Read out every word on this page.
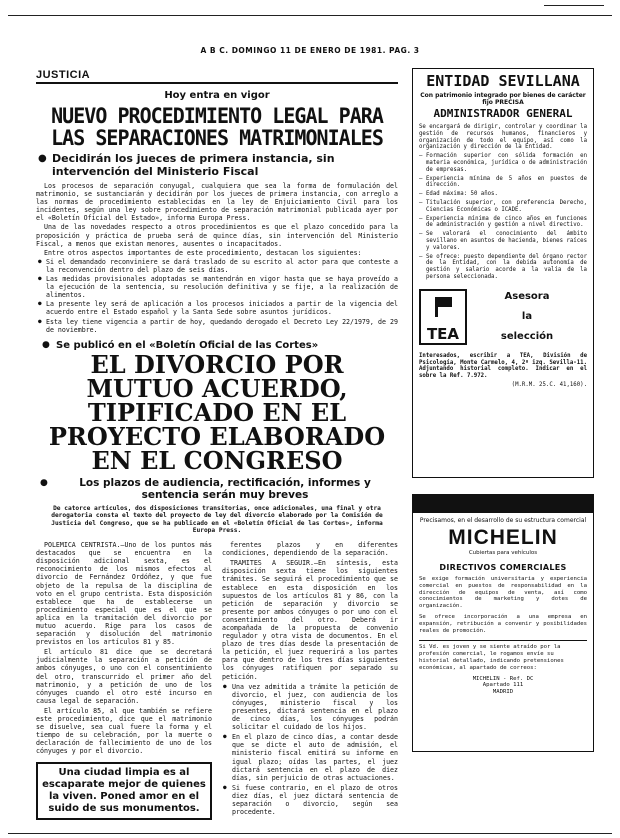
A B C. DOMINGO 11 DE ENERO DE 1981. PAG. 3
JUSTICIA
Hoy entra en vigor
NUEVO PROCEDIMIENTO LEGAL PARA LAS SEPARACIONES MATRIMONIALES
● Decidirán los jueces de primera instancia, sin intervención del Ministerio Fiscal

Los procesos de separación conyugal, cualquiera que sea la forma de formulación del matrimonio, se sustanciarán y decidirán por los jueces de primera instancia, con arreglo a las normas de procedimiento establecidas en la ley de Enjuiciamiento Civil para los incidentes, según una ley sobre procedimiento de separación matrimonial publicada ayer por el «Boletín Oficial del Estado», informa Europa Press.

Una de las novedades respecto a otros procedimientos es que el plazo concedido para la proposición y práctica de prueba será de quince días, sin intervención del Ministerio Fiscal, a menos que existan menores, ausentes o incapacitados.

Entre otros aspectos importantes de este procedimiento, destacan los siguientes:

● Si el demandado reconviniere se dará traslado de su escrito al actor para que conteste a la reconvención dentro del plazo de seis días.

● Las medidas provisionales adoptadas se mantendrán en vigor hasta que se haya proveído a la ejecución de la sentencia, su resolución definitiva y se fije, a la realización de alimentos.

● La presente ley será de aplicación a los procesos iniciados a partir de la vigencia del acuerdo entre el Estado español y la Santa Sede sobre asuntos jurídicos.

● Esta ley tiene vigencia a partir de hoy, quedando derogado el Decreto Ley 22/1979, de 29 de noviembre.

● Se publicó en el «Boletín Oficial de las Cortes»
EL DIVORCIO POR MUTUO ACUERDO, TIPIFICADO EN EL PROYECTO ELABORADO EN EL CONGRESO
● Los plazos de audiencia, rectificación, informes y sentencia serán muy breves
De catorce artículos, dos disposiciones transitorias, once adicionales, una final y otra derogatoria consta el texto del proyecto de ley del divorcio elaborado por la Comisión de Justicia del Congreso, que se ha publicado en el «Boletín Oficial de las Cortes», informa Europa Press.

POLEMICA CENTRISTA.—Uno de los puntos más destacados que se encuentra en la disposición adicional sexta, es el reconocimiento de los mismos efectos al divorcio de Fernández Ordóñez, y que fue objeto de la repulsa de la disciplina de voto en el grupo centrista. Esta disposición establece que ha de establecerse un procedimiento especial que es el que se aplica en la tramitación del divorcio por mutuo acuerdo. Rige para los casos de separación y disolución del matrimonio previstos en los artículos 81 y 85.

El artículo 81 dice que se decretará judicialmente la separación a petición de ambos cónyuges, o uno con el consentimiento del otro, transcurrido el primer año del matrimonio, y a petición de uno de los cónyuges cuando el otro esté incurso en causa legal de separación.

El artículo 85, al que también se refiere este procedimiento, dice que el matrimonio se disuelve, sea cual fuere la forma y el tiempo de su celebración, por la muerte o declaración de fallecimiento de uno de los cónyuges y por el divorcio.

Una ciudad limpia es al escaparate mejor de quienes la viven. Poned amor en el suido de sus monumentos.

ferentes plazos y en diferentes condiciones, dependiendo de la separación.

TRAMITES A SEGUIR.—En síntesis, esta disposición sexta tiene los siguientes trámites. Se seguirá el procedimiento que se establece en esta disposición en los supuestos de los artículos 81 y 86, con la petición de separación y divorcio se presente por ambos cónyuges o por uno con el consentimiento del otro. Deberá ir acompañada de la propuesta de convenio regulador y otra vista de documentos. En el plazo de tres días desde la presentación de la petición, el juez requerirá a los partes para que dentro de los tres días siguientes los cónyuges ratifiquen por separado su petición.

● Una vez admitida a trámite la petición de divorcio, el juez, con audiencia de los cónyuges, ministerio fiscal y los presentes, dictará sentencia en el plazo de cinco días, los cónyuges podrán solicitar el cuidado de los hijos.

● En el plazo de cinco días, a contar desde que se dicte el auto de admisión, el ministerio fiscal emitirá su informe en igual plazo; oídas las partes, el juez dictará sentencia en el plazo de diez días, sin perjuicio de otras actuaciones.

● Si fuese contrario, en el plazo de otros diez días, el juez dictará sentencia de separación o divorcio, según sea procedente.

ENTIDAD SEVILLANA
Con patrimonio integrado por bienes de carácter fijo PRECISA
ADMINISTRADOR GENERAL
Se encargará de dirigir, controlar y coordinar la gestión de recursos humanos, financieros y organización de todo el equipo, así como la organización y dirección de la Entidad.
– Formación superior con sólida formación en materia económica, jurídica o de administración de empresas.
– Experiencia mínima de 5 años en puestos de dirección.
– Edad máxima: 50 años.
– Titulación superior, con preferencia Derecho, Ciencias Económicas o ICADE.
– Experiencia mínima de cinco años en funciones de administración y gestión a nivel directivo.
– Se valorará el conocimiento del ámbito sevillano en asuntos de hacienda, bienes raíces y valores.
– Se ofrece: puesto dependiente del órgano rector de la Entidad, con la debida autonomía de gestión y salario acorde a la valía de la persona seleccionada.
TEA
Asesora
la
selección
Interesados, escribir a TEA, División de Psicología, Monte Carmelo, 4, 2º izq. Sevilla-11. Adjuntando historial completo. Indicar en el sobre la Ref. 7.972.
(M.R.M. 25.C. 41,160).
Precisamos, en el desarrollo de su estructura comercial
MICHELIN
Cubiertas para vehículos
DIRECTIVOS COMERCIALES
Se exige formación universitaria y experiencia comercial en puestos de responsabilidad en la dirección de equipos de venta, así como conocimientos de marketing y dotes de organización.
Se ofrece incorporación a una empresa en expansión, retribución a convenir y posibilidades reales de promoción.
Si Vd. es joven y se siente atraído por la profesión comercial, le rogamos envíe su historial detallado, indicando pretensiones económicas, al apartado de correos:
MICHELIN - Ref. DC
Apartado 111
MADRID
